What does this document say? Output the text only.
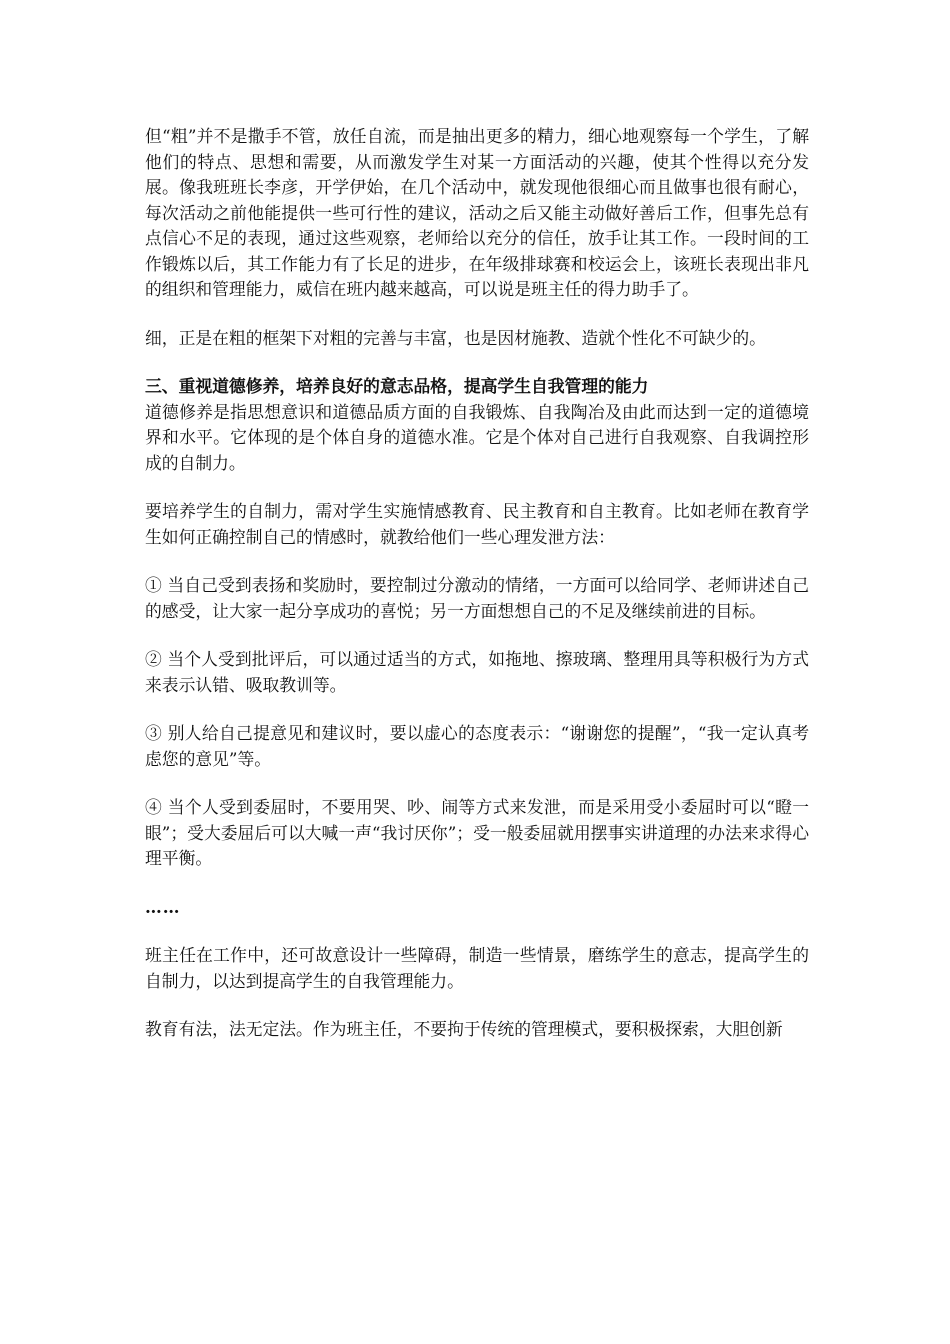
但“粗”并不是撒手不管，放任自流，而是抽出更多的精力，细心地观察每一个学生，了解他们的特点、思想和需要，从而激发学生对某一方面活动的兴趣，使其个性得以充分发展。像我班班长李彦，开学伊始，在几个活动中，就发现他很细心而且做事也很有耐心，每次活动之前他能提供一些可行性的建议，活动之后又能主动做好善后工作，但事先总有点信心不足的表现，通过这些观察，老师给以充分的信任，放手让其工作。一段时间的工作锻炼以后，其工作能力有了长足的进步，在年级排球赛和校运会上，该班长表现出非凡的组织和管理能力，威信在班内越来越高，可以说是班主任的得力助手了。

细，正是在粗的框架下对粗的完善与丰富，也是因材施教、造就个性化不可缺少的。

三、重视道德修养，培养良好的意志品格，提高学生自我管理的能力

道德修养是指思想意识和道德品质方面的自我锻炼、自我陶冶及由此而达到一定的道德境界和水平。它体现的是个体自身的道德水准。它是个体对自己进行自我观察、自我调控形成的自制力。

要培养学生的自制力，需对学生实施情感教育、民主教育和自主教育。比如老师在教育学生如何正确控制自己的情感时，就教给他们一些心理发泄方法：

① 当自己受到表扬和奖励时，要控制过分激动的情绪，一方面可以给同学、老师讲述自己的感受，让大家一起分享成功的喜悦；另一方面想想自己的不足及继续前进的目标。

② 当个人受到批评后，可以通过适当的方式，如拖地、擦玻璃、整理用具等积极行为方式来表示认错、吸取教训等。

③ 别人给自己提意见和建议时，要以虚心的态度表示：“谢谢您的提醒”，“我一定认真考虑您的意见”等。

④ 当个人受到委屈时，不要用哭、吵、闹等方式来发泄，而是采用受小委屈时可以“瞪一眼”；受大委屈后可以大喊一声“我讨厌你”；受一般委屈就用摆事实讲道理的办法来求得心理平衡。

……

班主任在工作中，还可故意设计一些障碍，制造一些情景，磨练学生的意志，提高学生的自制力，以达到提高学生的自我管理能力。

教育有法，法无定法。作为班主任，不要拘于传统的管理模式，要积极探索，大胆创新
